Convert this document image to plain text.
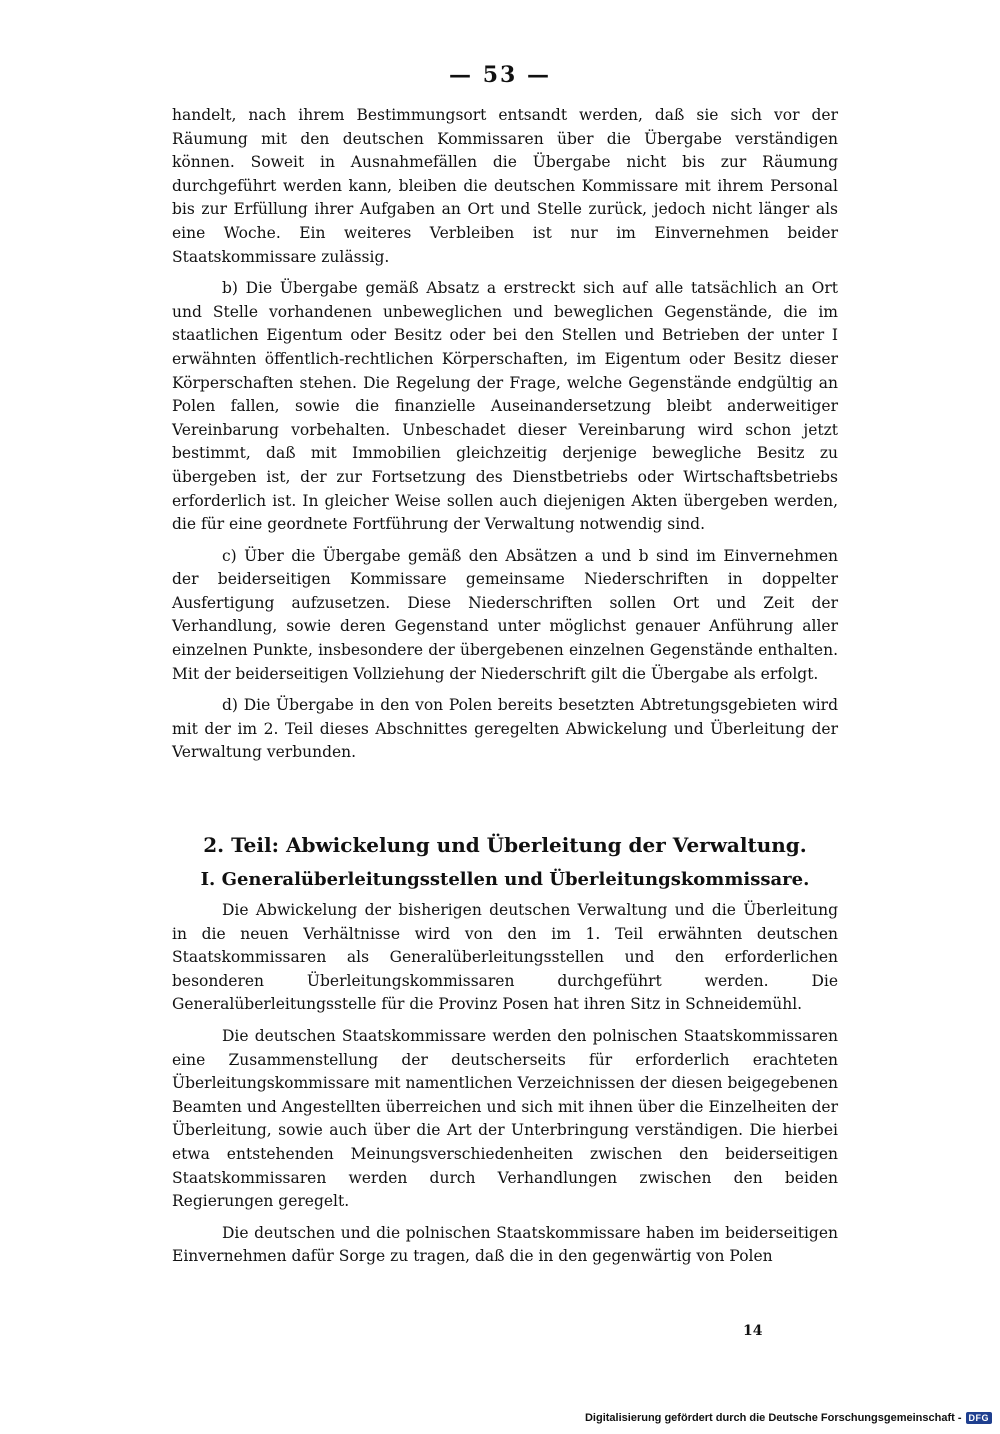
— 53 —

handelt, nach ihrem Bestimmungsort entsandt werden, daß sie sich vor der Räumung mit den deutschen Kommissaren über die Übergabe verständigen können. Soweit in Ausnahmefällen die Übergabe nicht bis zur Räumung durchgeführt werden kann, bleiben die deutschen Kommissare mit ihrem Personal bis zur Erfüllung ihrer Aufgaben an Ort und Stelle zurück, jedoch nicht länger als eine Woche. Ein weiteres Verbleiben ist nur im Einvernehmen beider Staatskommissare zulässig.

b) Die Übergabe gemäß Absatz a erstreckt sich auf alle tatsächlich an Ort und Stelle vorhandenen unbeweglichen und beweglichen Gegenstände, die im staatlichen Eigentum oder Besitz oder bei den Stellen und Betrieben der unter I erwähnten öffentlich-rechtlichen Körperschaften, im Eigentum oder Besitz dieser Körperschaften stehen. Die Regelung der Frage, welche Gegenstände endgültig an Polen fallen, sowie die finanzielle Auseinandersetzung bleibt anderweitiger Vereinbarung vorbehalten. Unbeschadet dieser Vereinbarung wird schon jetzt bestimmt, daß mit Immobilien gleichzeitig derjenige bewegliche Besitz zu übergeben ist, der zur Fortsetzung des Dienstbetriebs oder Wirtschaftsbetriebs erforderlich ist. In gleicher Weise sollen auch diejenigen Akten übergeben werden, die für eine geordnete Fortführung der Verwaltung notwendig sind.

c) Über die Übergabe gemäß den Absätzen a und b sind im Einvernehmen der beiderseitigen Kommissare gemeinsame Niederschriften in doppelter Ausfertigung aufzusetzen. Diese Niederschriften sollen Ort und Zeit der Verhandlung, sowie deren Gegenstand unter möglichst genauer Anführung aller einzelnen Punkte, insbesondere der übergebenen einzelnen Gegenstände enthalten. Mit der beiderseitigen Vollziehung der Niederschrift gilt die Übergabe als erfolgt.

d) Die Übergabe in den von Polen bereits besetzten Abtretungsgebieten wird mit der im 2. Teil dieses Abschnittes geregelten Abwickelung und Überleitung der Verwaltung verbunden.

2. Teil: Abwickelung und Überleitung der Verwaltung.
I. Generalüberleitungsstellen und Überleitungskommissare.

Die Abwickelung der bisherigen deutschen Verwaltung und die Überleitung in die neuen Verhältnisse wird von den im 1. Teil erwähnten deutschen Staatskommissaren als Generalüberleitungsstellen und den erforderlichen besonderen Überleitungskommissaren durchgeführt werden. Die Generalüberleitungsstelle für die Provinz Posen hat ihren Sitz in Schneidemühl.

Die deutschen Staatskommissare werden den polnischen Staatskommissaren eine Zusammenstellung der deutscherseits für erforderlich erachteten Überleitungskommissare mit namentlichen Verzeichnissen der diesen beigegebenen Beamten und Angestellten überreichen und sich mit ihnen über die Einzelheiten der Überleitung, sowie auch über die Art der Unterbringung verständigen. Die hierbei etwa entstehenden Meinungsverschiedenheiten zwischen den beiderseitigen Staatskommissaren werden durch Verhandlungen zwischen den beiden Regierungen geregelt.

Die deutschen und die polnischen Staatskommissare haben im beiderseitigen Einvernehmen dafür Sorge zu tragen, daß die in den gegenwärtig von Polen

14
Digitalisierung gefördert durch die Deutsche Forschungsgemeinschaft - DFG
